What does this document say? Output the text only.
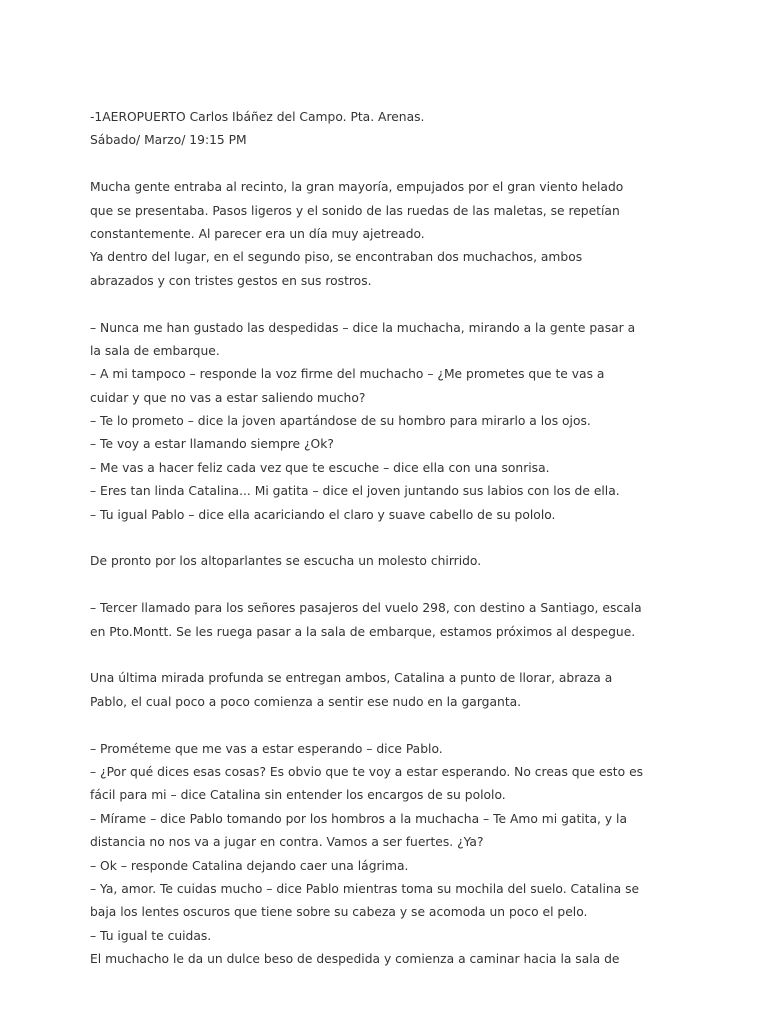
-1AEROPUERTO Carlos Ibáñez del Campo. Pta. Arenas.
Sábado/ Marzo/ 19:15 PM
Mucha gente entraba al recinto, la gran mayoría, empujados por el gran viento helado
que se presentaba. Pasos ligeros y el sonido de las ruedas de las maletas, se repetían
constantemente. Al parecer era un día muy ajetreado.
Ya dentro del lugar, en el segundo piso, se encontraban dos muchachos, ambos
abrazados y con tristes gestos en sus rostros.
– Nunca me han gustado las despedidas – dice la muchacha, mirando a la gente pasar a
la sala de embarque.
– A mi tampoco – responde la voz firme del muchacho – ¿Me prometes que te vas a
cuidar y que no vas a estar saliendo mucho?
– Te lo prometo – dice la joven apartándose de su hombro para mirarlo a los ojos.
– Te voy a estar llamando siempre ¿Ok?
– Me vas a hacer feliz cada vez que te escuche – dice ella con una sonrisa.
– Eres tan linda Catalina... Mi gatita – dice el joven juntando sus labios con los de ella.
– Tu igual Pablo – dice ella acariciando el claro y suave cabello de su pololo.
De pronto por los altoparlantes se escucha un molesto chirrido.
– Tercer llamado para los señores pasajeros del vuelo 298, con destino a Santiago, escala
en Pto.Montt. Se les ruega pasar a la sala de embarque, estamos próximos al despegue.
Una última mirada profunda se entregan ambos, Catalina a punto de llorar, abraza a
Pablo, el cual poco a poco comienza a sentir ese nudo en la garganta.
– Prométeme que me vas a estar esperando – dice Pablo.
– ¿Por qué dices esas cosas? Es obvio que te voy a estar esperando. No creas que esto es
fácil para mi – dice Catalina sin entender los encargos de su pololo.
– Mírame – dice Pablo tomando por los hombros a la muchacha – Te Amo mi gatita, y la
distancia no nos va a jugar en contra. Vamos a ser fuertes. ¿Ya?
– Ok – responde Catalina dejando caer una lágrima.
– Ya, amor. Te cuidas mucho – dice Pablo mientras toma su mochila del suelo. Catalina se
baja los lentes oscuros que tiene sobre su cabeza y se acomoda un poco el pelo.
– Tu igual te cuidas.
El muchacho le da un dulce beso de despedida y comienza a caminar hacia la sala de
